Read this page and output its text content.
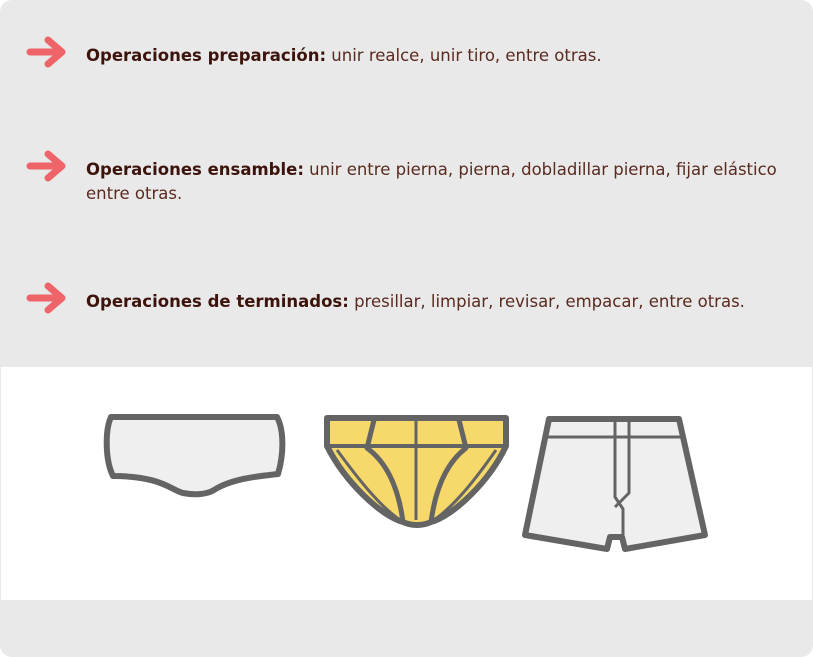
Operaciones preparación: unir realce, unir tiro, entre otras.
Operaciones ensamble: unir entre pierna, pierna, dobladillar pierna, fijar elástico entre otras.
Operaciones de terminados: presillar, limpiar, revisar, empacar, entre otras.
